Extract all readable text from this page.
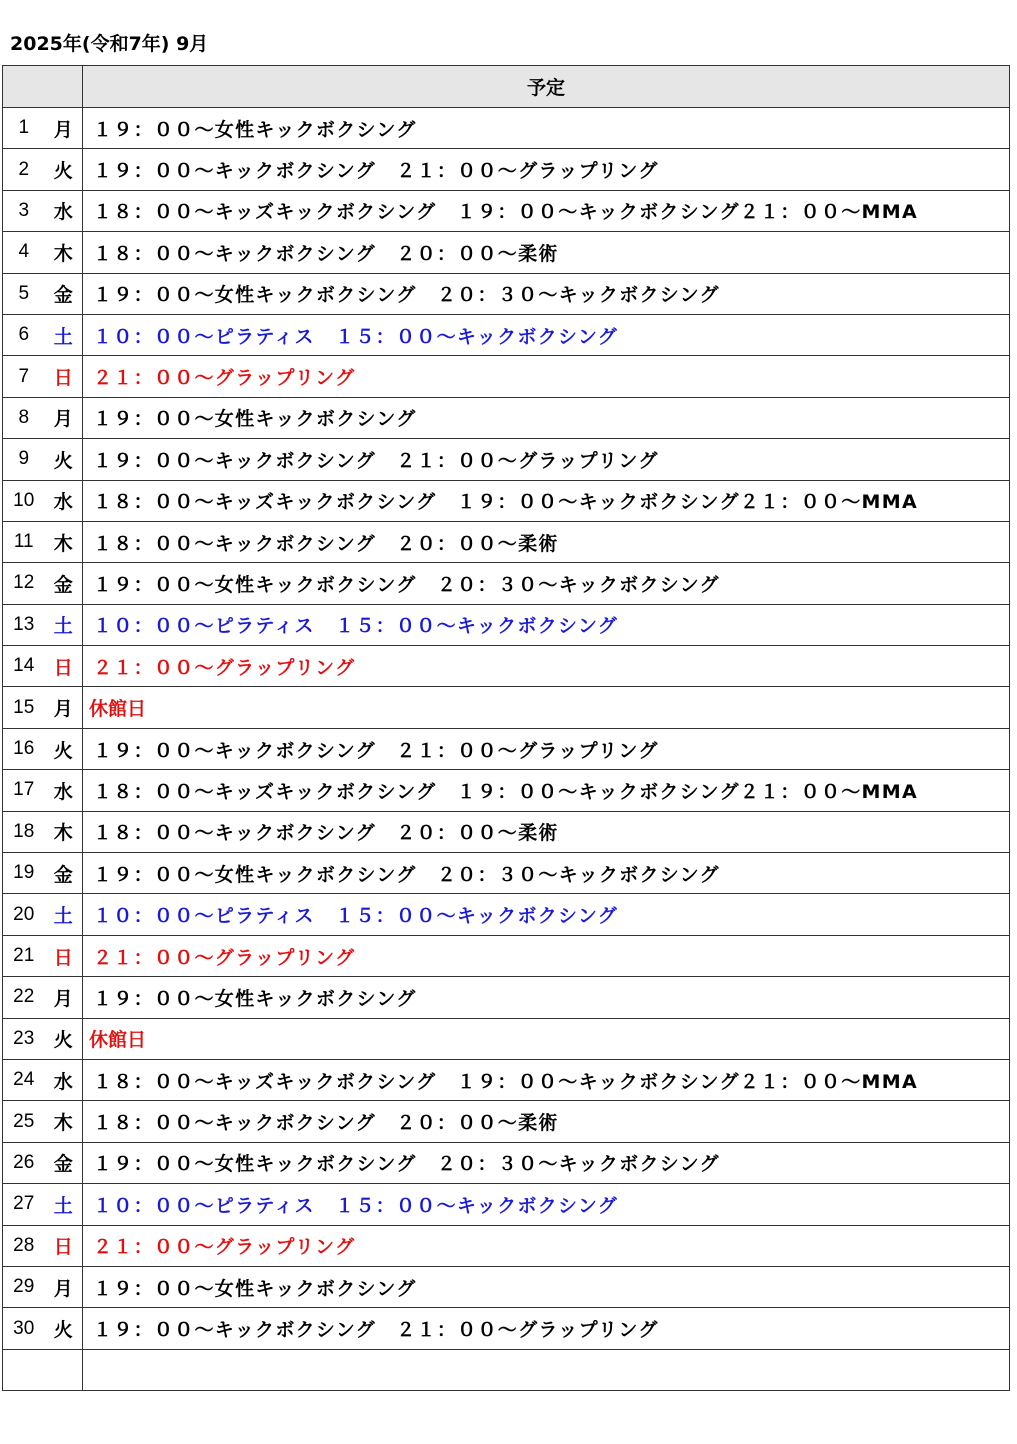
2025年(令和7年) 9月
		予定
1	月	１９：００～女性キックボクシング
2	火	１９：００～キックボクシング　２１：００～グラップリング
3	水	１８：００～キッズキックボクシング　１９：００～キックボクシング２１：００～MMA
4	木	１８：００～キックボクシング　２０：００～柔術
5	金	１９：００～女性キックボクシング　２０：３０～キックボクシング
6	土	１０：００～ピラティス　１５：００～キックボクシング
7	日	２１：００～グラップリング
8	月	１９：００～女性キックボクシング
9	火	１９：００～キックボクシング　２１：００～グラップリング
10	水	１８：００～キッズキックボクシング　１９：００～キックボクシング２１：００～MMA
11	木	１８：００～キックボクシング　２０：００～柔術
12	金	１９：００～女性キックボクシング　２０：３０～キックボクシング
13	土	１０：００～ピラティス　１５：００～キックボクシング
14	日	２１：００～グラップリング
15	月	休館日
16	火	１９：００～キックボクシング　２１：００～グラップリング
17	水	１８：００～キッズキックボクシング　１９：００～キックボクシング２１：００～MMA
18	木	１８：００～キックボクシング　２０：００～柔術
19	金	１９：００～女性キックボクシング　２０：３０～キックボクシング
20	土	１０：００～ピラティス　１５：００～キックボクシング
21	日	２１：００～グラップリング
22	月	１９：００～女性キックボクシング
23	火	休館日
24	水	１８：００～キッズキックボクシング　１９：００～キックボクシング２１：００～MMA
25	木	１８：００～キックボクシング　２０：００～柔術
26	金	１９：００～女性キックボクシング　２０：３０～キックボクシング
27	土	１０：００～ピラティス　１５：００～キックボクシング
28	日	２１：００～グラップリング
29	月	１９：００～女性キックボクシング
30	火	１９：００～キックボクシング　２１：００～グラップリング
